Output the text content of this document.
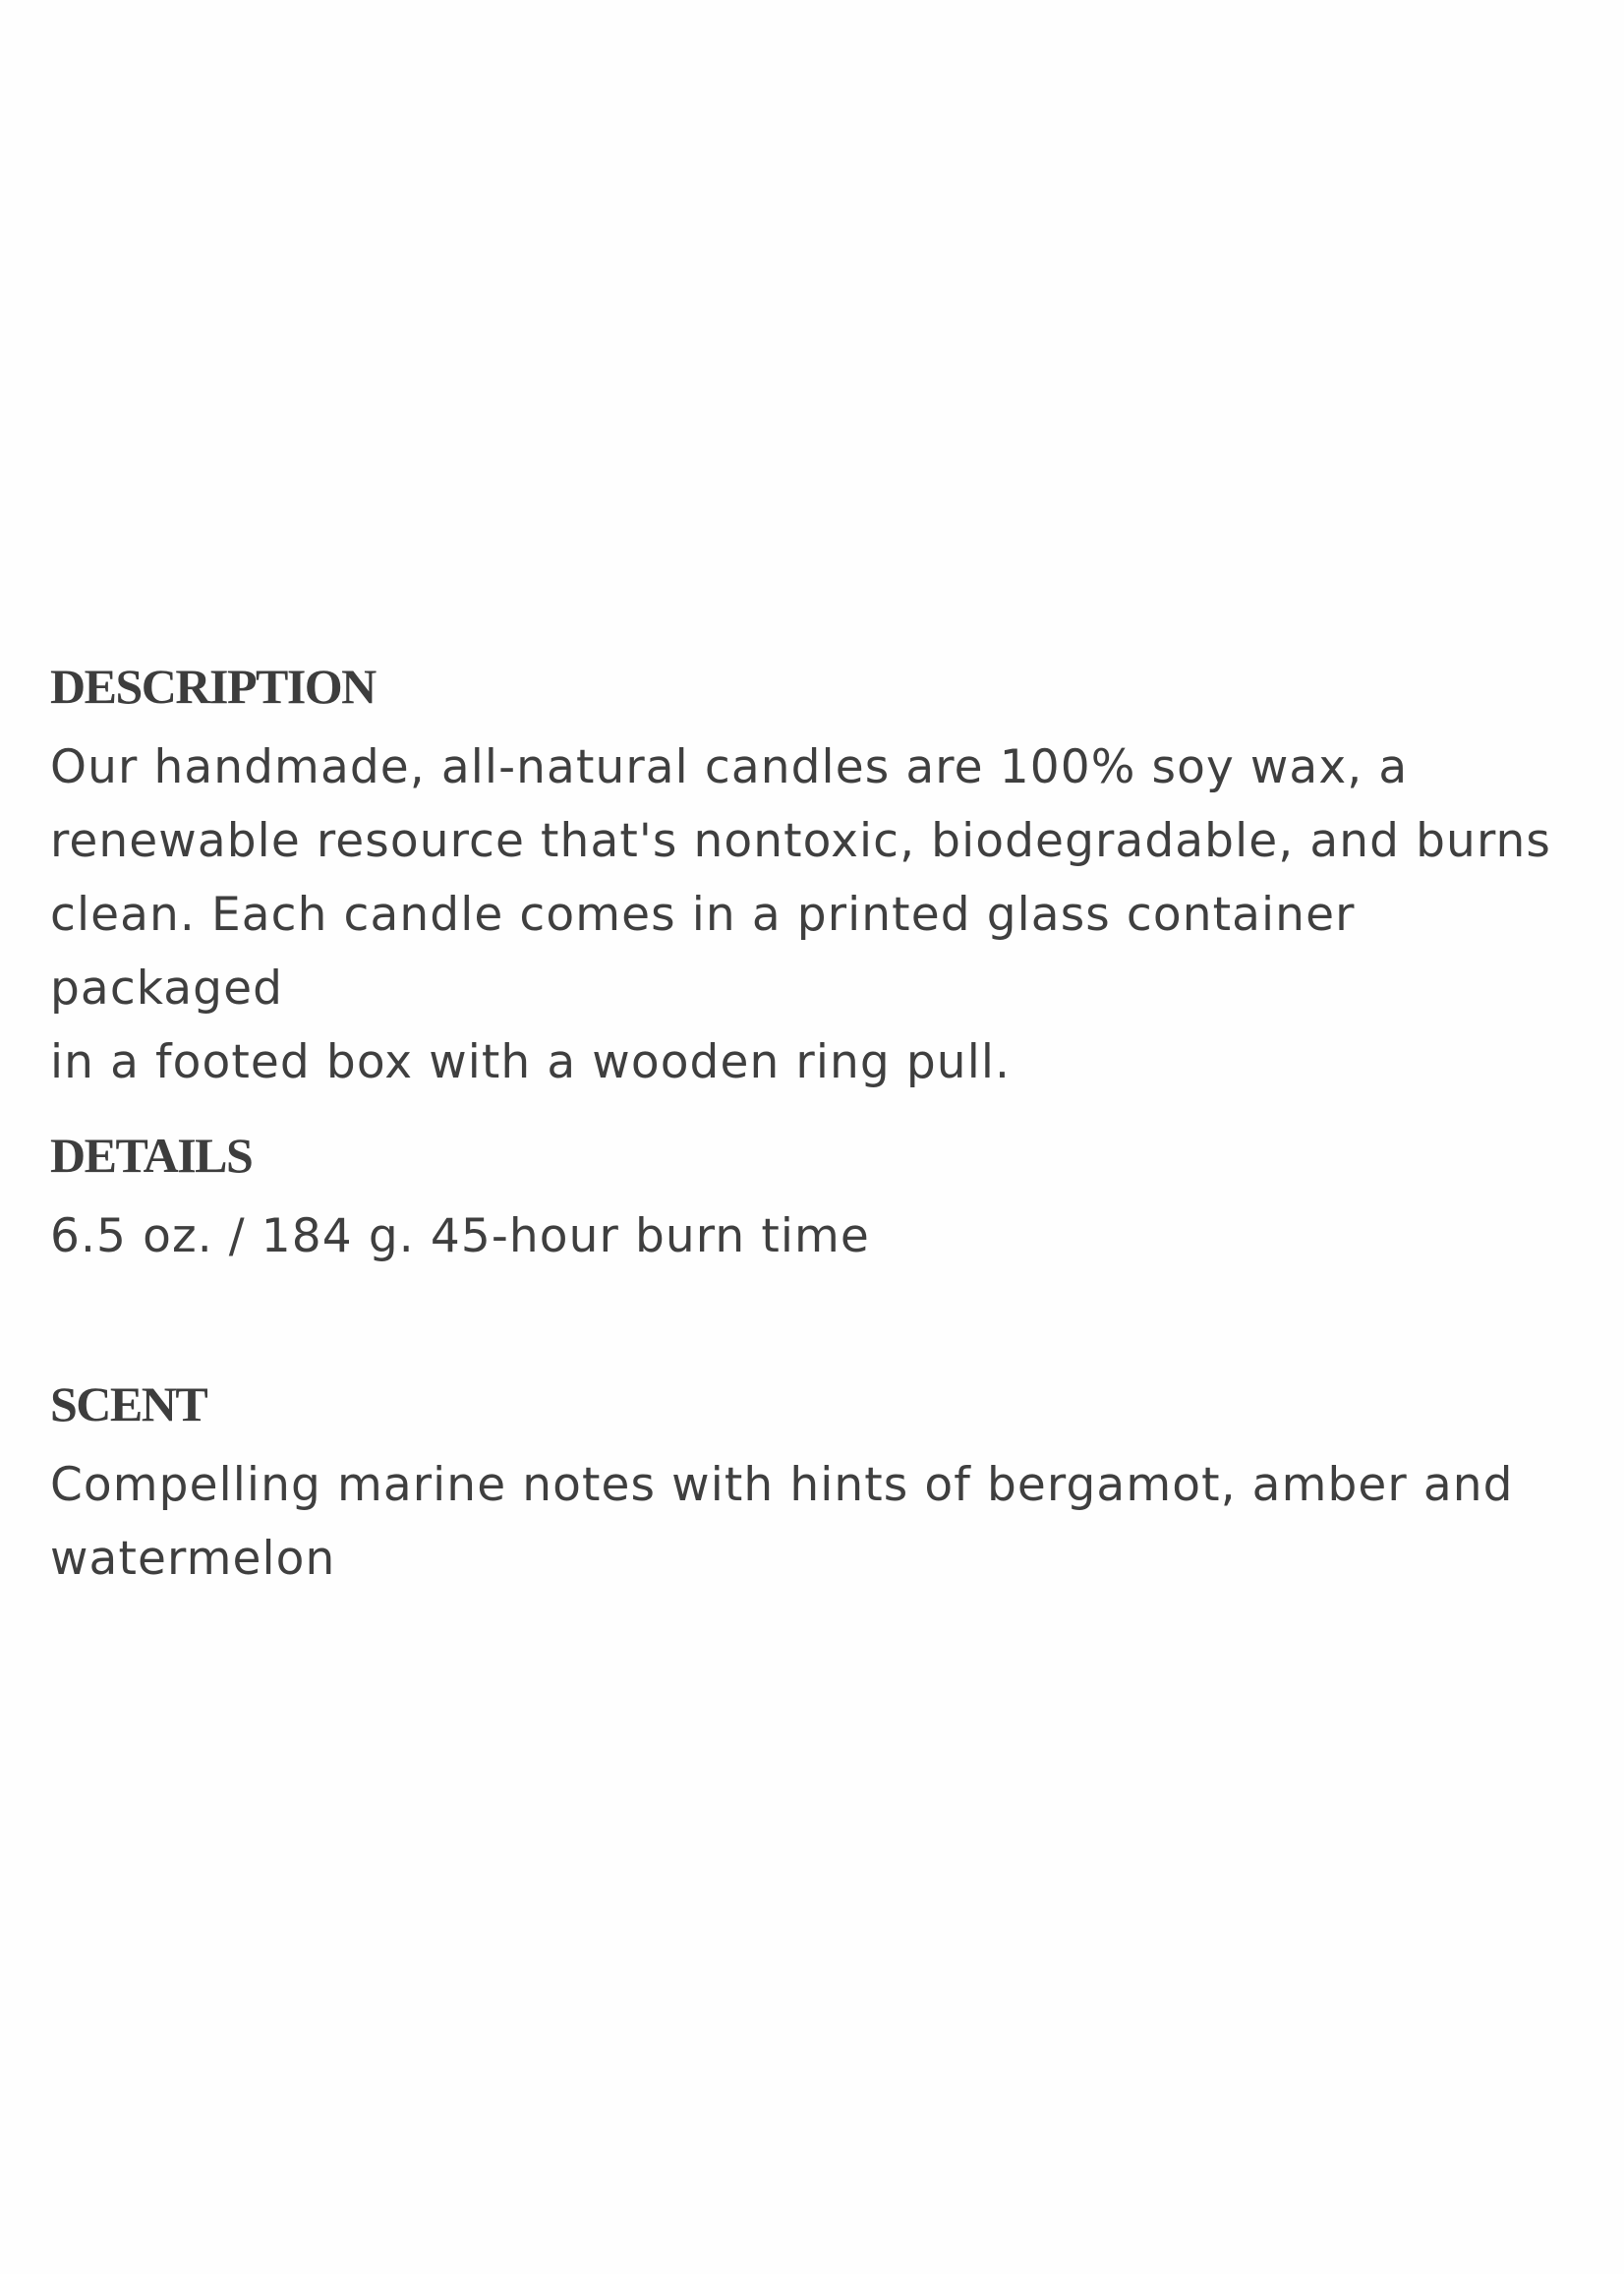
DESCRIPTION

Our handmade, all-natural candles are 100% soy wax, a
renewable resource that's nontoxic, biodegradable, and burns
clean. Each candle comes in a printed glass container packaged
in a footed box with a wooden ring pull.

DETAILS

6.5 oz. / 184 g. 45-hour burn time

SCENT

Compelling marine notes with hints of bergamot, amber and
watermelon
